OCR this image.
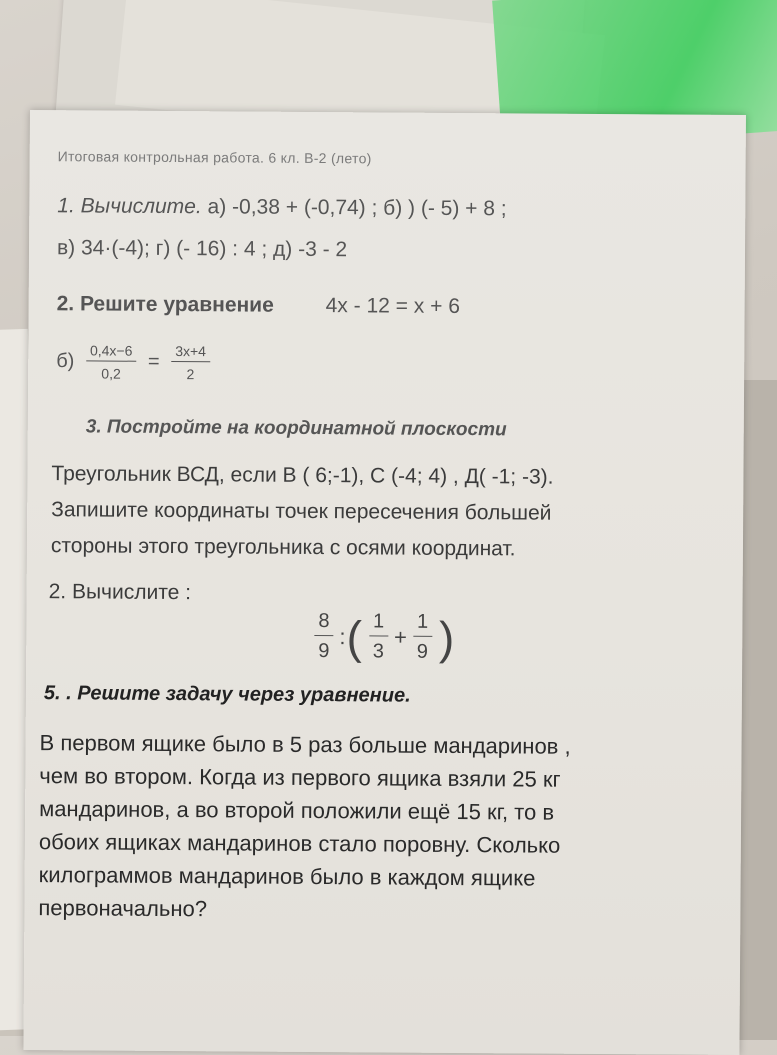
Итоговая контрольная работа. 6 кл. В-2 (лето)
1. Вычислите. а) -0,38 + (-0,74) ; б) ) (- 5) + 8 ;
в) 34·(-4); г) (- 16) : 4 ; д) -3 - 2
2. Решите уравнение 4х - 12 = х + 6
$б) \frac{0,4х-6}{0,2} = \frac{3х+4}{2}$
3. Постройте на координатной плоскости
Треугольник ВСД, если В ( 6;-1), С (-4; 4) , Д( -1; -3).
Запишите координаты точек пересечения большей
стороны этого треугольника с осями координат.
2. Вычислите :
$\frac{8}{9}$ : ( $\frac{1}{3} + \frac{1}{9}$ )
5. . Решите задачу через уравнение.
В первом ящике было в 5 раз больше мандаринов ,
чем во втором. Когда из первого ящика взяли 25 кг
мандаринов, а во второй положили ещё 15 кг, то в
обоих ящиках мандаринов стало поровну. Сколько
килограммов мандаринов было в каждом ящике
первоначально?
